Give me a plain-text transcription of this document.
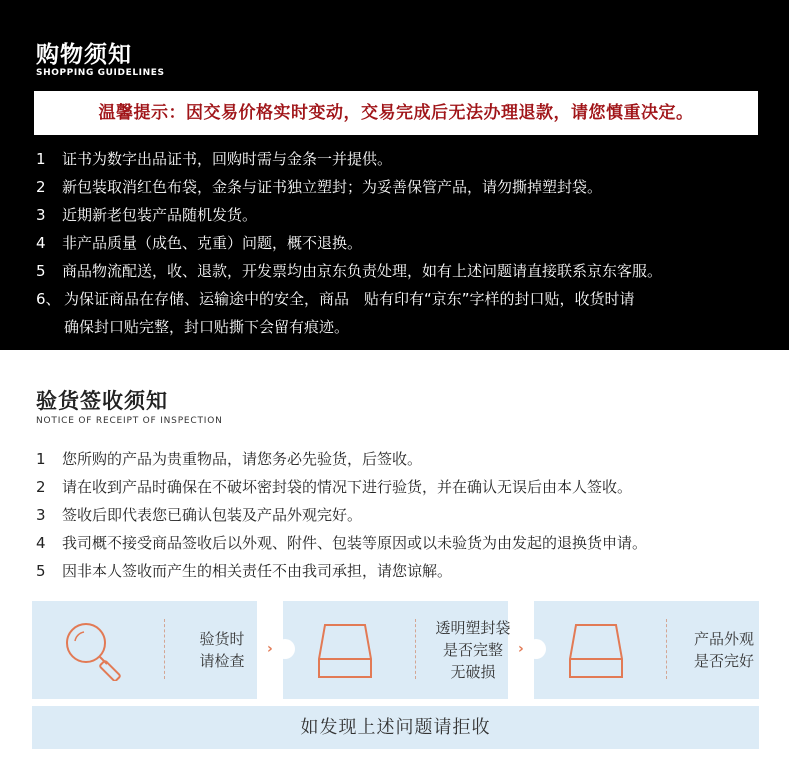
购物须知
SHOPPING GUIDELINES
温馨提示：因交易价格实时变动，交易完成后无法办理退款，请您慎重决定。
1 证书为数字出品证书，回购时需与金条一并提供。
2 新包装取消红色布袋，金条与证书独立塑封；为妥善保管产品，请勿撕掉塑封袋。
3 近期新老包装产品随机发货。
4 非产品质量（成色、克重）问题，概不退换。
5 商品物流配送，收、退款，开发票均由京东负责处理，如有上述问题请直接联系京东客服。
6、 为保证商品在存储、运输途中的安全，商品　贴有印有“京东”字样的封口贴，收货时请
确保封口贴完整，封口贴撕下会留有痕迹。
验货签收须知
NOTICE OF RECEIPT OF INSPECTION
1 您所购的产品为贵重物品，请您务必先验货，后签收。
2 请在收到产品时确保在不破坏密封袋的情况下进行验货，并在确认无误后由本人签收。
3 签收后即代表您已确认包装及产品外观完好。
4 我司概不接受商品签收后以外观、附件、包装等原因或以未验货为由发起的退换货申请。
5 因非本人签收而产生的相关责任不由我司承担，请您谅解。
验货时
请检查
›
透明塑封袋
是否完整
无破损
›
产品外观
是否完好
如发现上述问题请拒收
